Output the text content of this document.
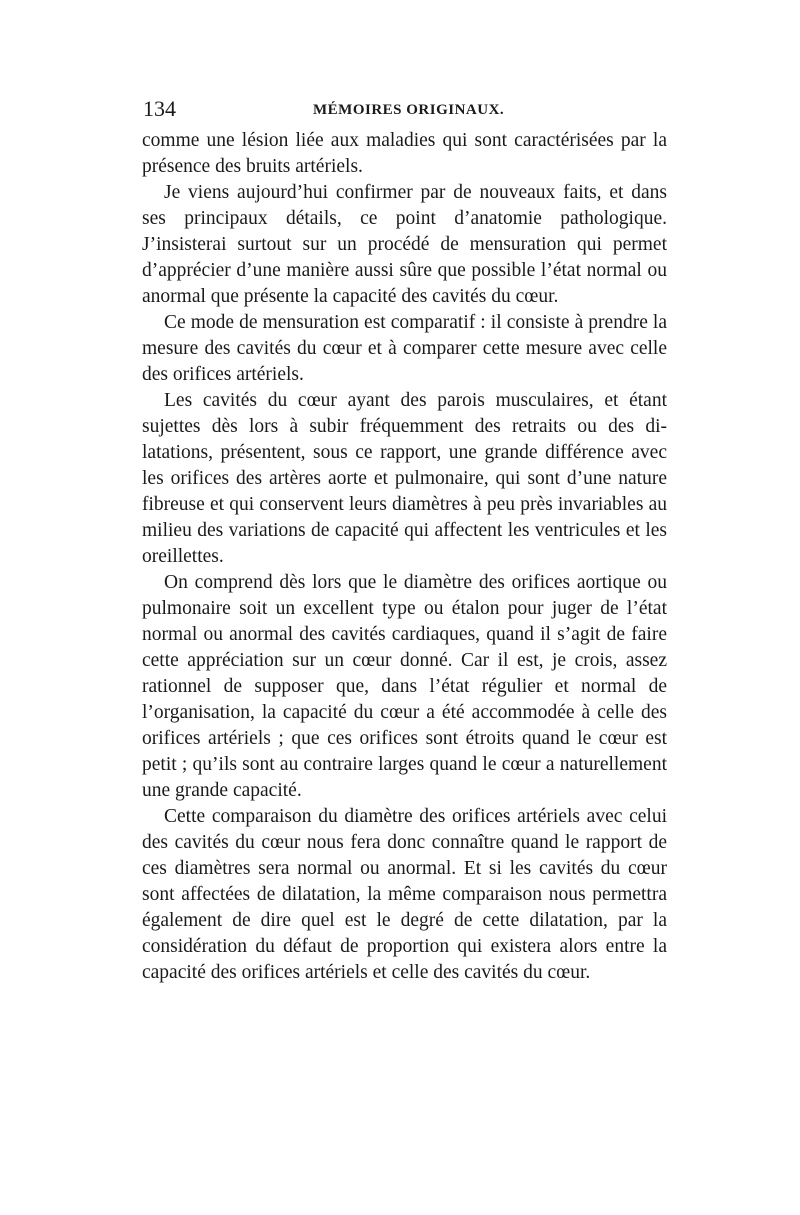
134	MÉMOIRES ORIGINAUX.

comme une lésion liée aux maladies qui sont caractérisées par la présence des bruits artériels.

Je viens aujourd’hui confirmer par de nouveaux faits, et dans ses principaux détails, ce point d’anatomie pathologique. J’insisterai surtout sur un procédé de mensuration qui permet d’apprécier d’une manière aussi sûre que possible l’état normal ou anormal que présente la capacité des cavités du cœur.

Ce mode de mensuration est comparatif : il consiste à prendre la mesure des cavités du cœur et à comparer cette mesure avec celle des orifices artériels.

Les cavités du cœur ayant des parois musculaires, et étant sujettes dès lors à subir fréquemment des retraits ou des dilatations, présentent, sous ce rapport, une grande différence avec les orifices des artères aorte et pulmonaire, qui sont d’une nature fibreuse et qui conservent leurs diamètres à peu près invariables au milieu des variations de capacité qui affectent les ventricules et les oreillettes.

On comprend dès lors que le diamètre des orifices aortique ou pulmonaire soit un excellent type ou étalon pour juger de l’état normal ou anormal des cavités cardiaques, quand il s’agit de faire cette appréciation sur un cœur donné. Car il est, je crois, assez rationnel de supposer que, dans l’état régulier et normal de l’organisation, la capacité du cœur a été accommodée à celle des orifices artériels ; que ces orifices sont étroits quand le cœur est petit ; qu’ils sont au contraire larges quand le cœur a naturellement une grande capacité.

Cette comparaison du diamètre des orifices artériels avec celui des cavités du cœur nous fera donc connaître quand le rapport de ces diamètres sera normal ou anormal. Et si les cavités du cœur sont affectées de dilatation, la même comparaison nous permettra également de dire quel est le degré de cette dilatation, par la considération du défaut de proportion qui existera alors entre la capacité des orifices artériels et celle des cavités du cœur.
